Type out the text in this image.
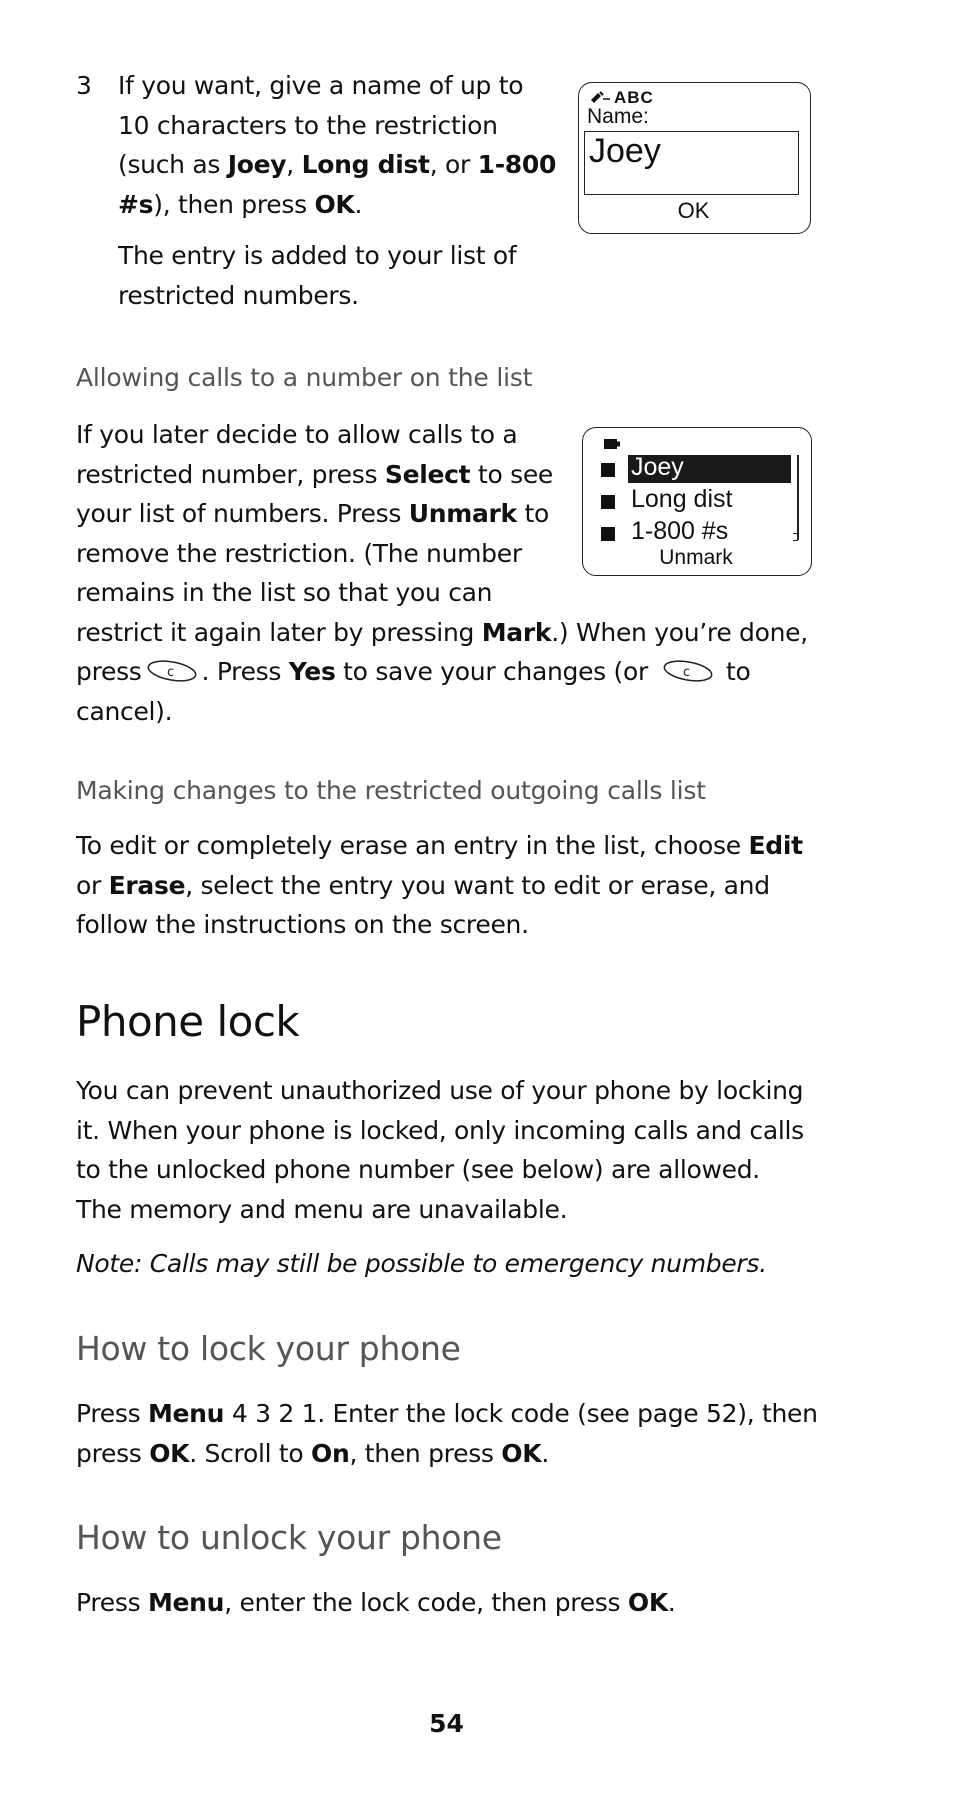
3 If you want, give a name of up to

10 characters to the restriction

(such as Joey, Long dist, or 1-800

#s), then press OK.

The entry is added to your list of

restricted numbers.

ABC
Name:
Joey
OK

Allowing calls to a number on the list

If you later decide to allow calls to a

restricted number, press Select to see

your list of numbers. Press Unmark to

remove the restriction. (The number

remains in the list so that you can

restrict it again later by pressing Mark.) When you’re done,

press c . Press Yes to save your changes (or	c to

cancel).

Joey
Long dist
1-800 #s
Unmark

Making changes to the restricted outgoing calls list

To edit or completely erase an entry in the list, choose Edit

or Erase, select the entry you want to edit or erase, and

follow the instructions on the screen.

Phone lock

You can prevent unauthorized use of your phone by locking

it. When your phone is locked, only incoming calls and calls

to the unlocked phone number (see below) are allowed.

The memory and menu are unavailable.

Note: Calls may still be possible to emergency numbers.

How to lock your phone

Press Menu 4 3 2 1. Enter the lock code (see page 52), then

press OK. Scroll to On, then press OK.

How to unlock your phone

Press Menu, enter the lock code, then press OK.

54
